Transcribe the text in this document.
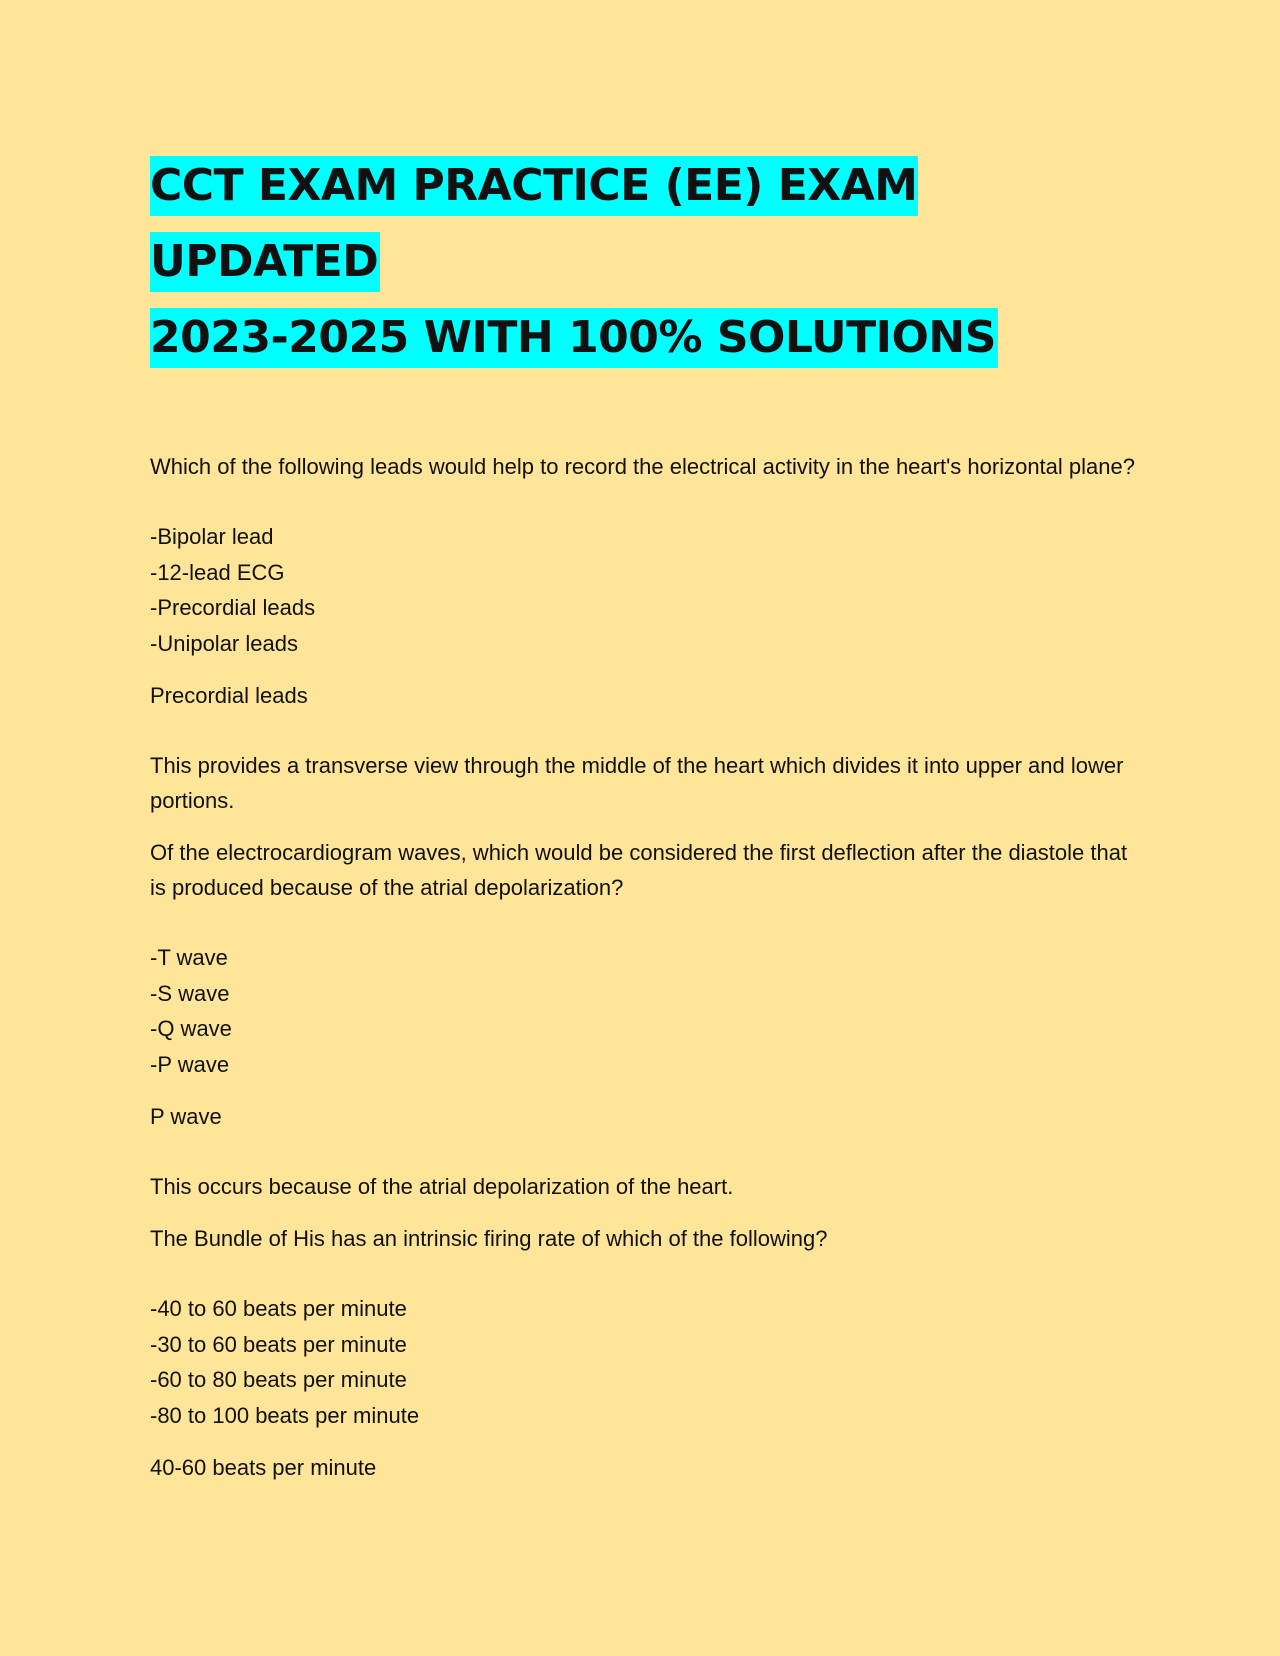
CCT EXAM PRACTICE (EE) EXAM UPDATED
2023-2025 WITH 100% SOLUTIONS

Which of the following leads would help to record the electrical activity in the heart's horizontal plane?

-Bipolar lead
-12-lead ECG
-Precordial leads
-Unipolar leads

Precordial leads

This provides a transverse view through the middle of the heart which divides it into upper and lower portions.

Of the electrocardiogram waves, which would be considered the first deflection after the diastole that is produced because of the atrial depolarization?

-T wave
-S wave
-Q wave
-P wave

P wave

This occurs because of the atrial depolarization of the heart.

The Bundle of His has an intrinsic firing rate of which of the following?

-40 to 60 beats per minute
-30 to 60 beats per minute
-60 to 80 beats per minute
-80 to 100 beats per minute

40-60 beats per minute
